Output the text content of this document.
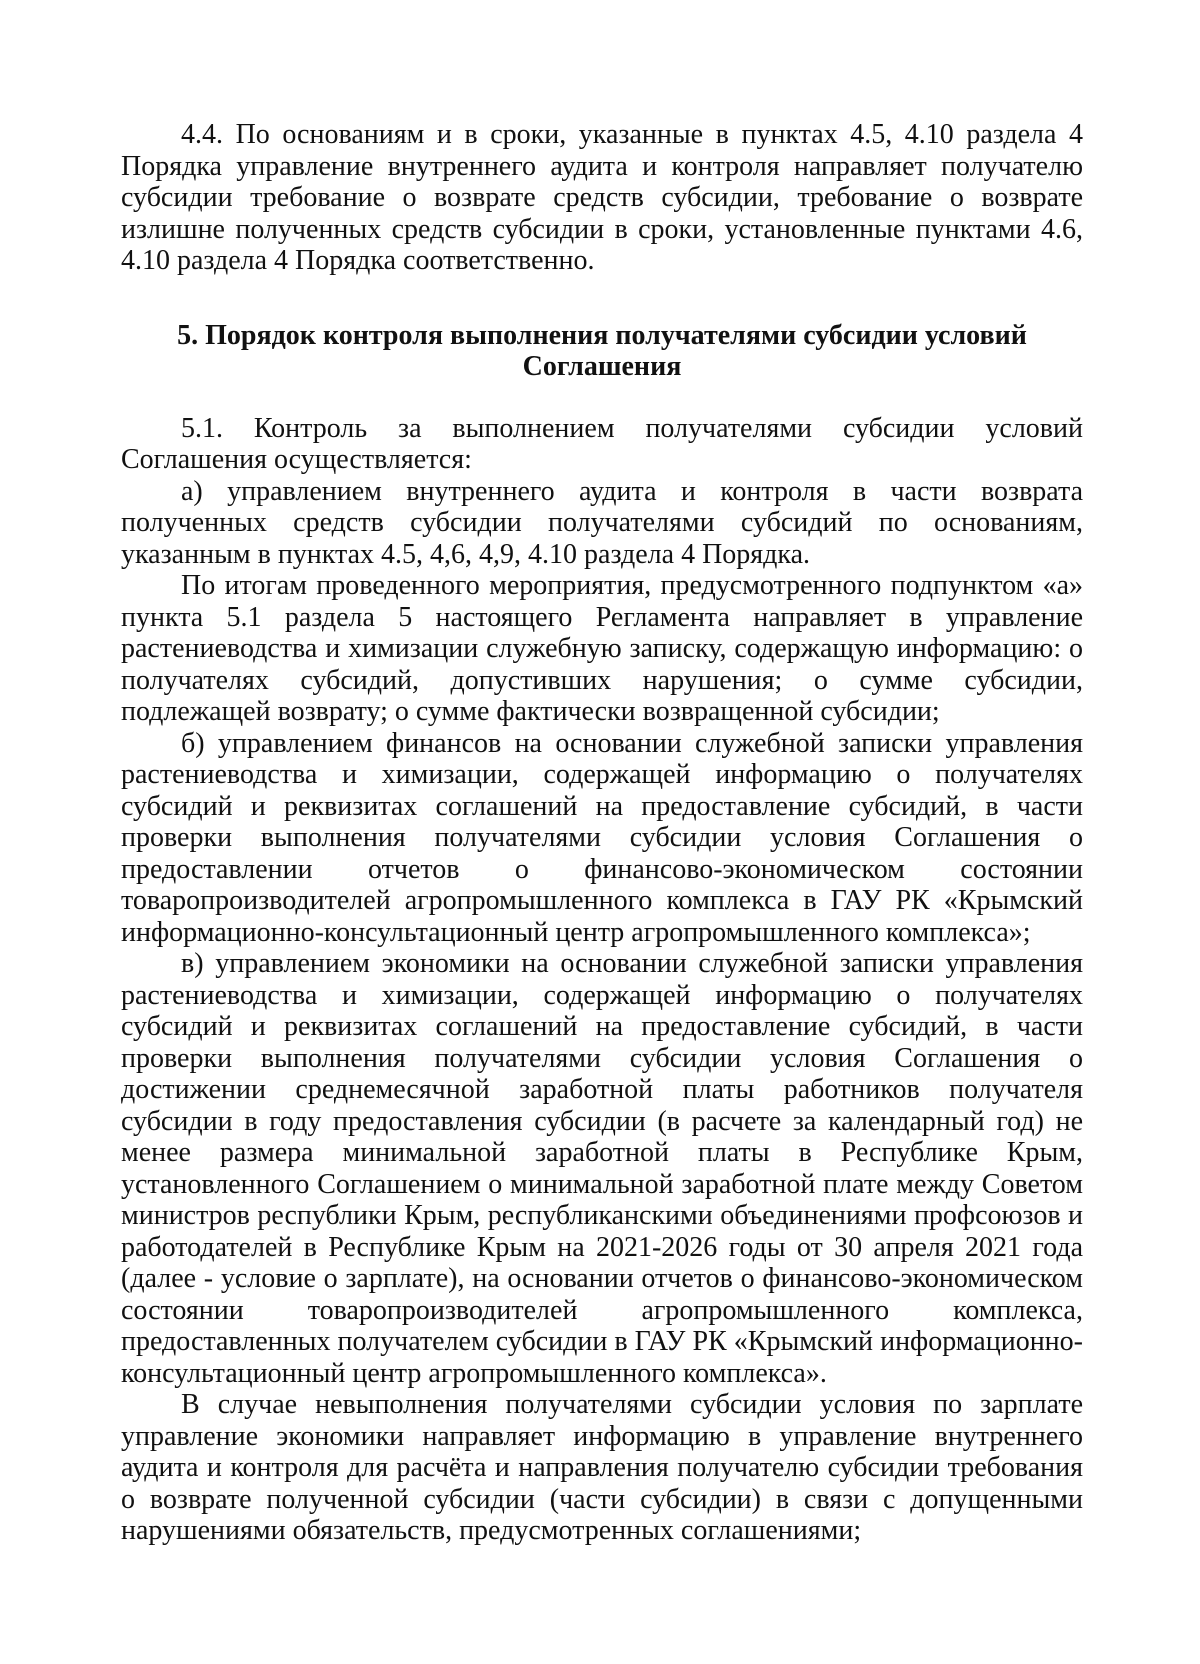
4.4. По основаниям и в сроки, указанные в пунктах 4.5, 4.10 раздела 4 Порядка управление внутреннего аудита и контроля направляет получателю субсидии требование о возврате средств субсидии, требование о возврате излишне полученных средств субсидии в сроки, установленные пунктами 4.6, 4.10 раздела 4 Порядка соответственно.

5. Порядок контроля выполнения получателями субсидии условий
Соглашения

5.1. Контроль за выполнением получателями субсидии условий Соглашения осуществляется:

а) управлением внутреннего аудита и контроля в части возврата полученных средств субсидии получателями субсидий по основаниям, указанным в пунктах 4.5, 4,6, 4,9, 4.10 раздела 4 Порядка.

По итогам проведенного мероприятия, предусмотренного подпунктом «а» пункта 5.1 раздела 5 настоящего Регламента направляет в управление растениеводства и химизации служебную записку, содержащую информацию: о получателях субсидий, допустивших нарушения; о сумме субсидии, подлежащей возврату; о сумме фактически возвращенной субсидии;

б) управлением финансов на основании служебной записки управления растениеводства и химизации, содержащей информацию о получателях субсидий и реквизитах соглашений на предоставление субсидий, в части проверки выполнения получателями субсидии условия Соглашения о предоставлении отчетов о финансово-экономическом состоянии товаропроизводителей агропромышленного комплекса в ГАУ РК «Крымский информационно-консультационный центр агропромышленного комплекса»;

в) управлением экономики на основании служебной записки управления растениеводства и химизации, содержащей информацию о получателях субсидий и реквизитах соглашений на предоставление субсидий, в части проверки выполнения получателями субсидии условия Соглашения о достижении среднемесячной заработной платы работников получателя субсидии в году предоставления субсидии (в расчете за календарный год) не менее размера минимальной заработной платы в Республике Крым, установленного Соглашением о минимальной заработной плате между Советом министров республики Крым, республиканскими объединениями профсоюзов и работодателей в Республике Крым на 2021-2026 годы от 30 апреля 2021 года (далее - условие о зарплате), на основании отчетов о финансово-экономическом состоянии товаропроизводителей агропромышленного комплекса, предоставленных получателем субсидии в ГАУ РК «Крымский информационно-консультационный центр агропромышленного комплекса».

В случае невыполнения получателями субсидии условия по зарплате управление экономики направляет информацию в управление внутреннего аудита и контроля для расчёта и направления получателю субсидии требования о возврате полученной субсидии (части субсидии) в связи с допущенными нарушениями обязательств, предусмотренных соглашениями;
